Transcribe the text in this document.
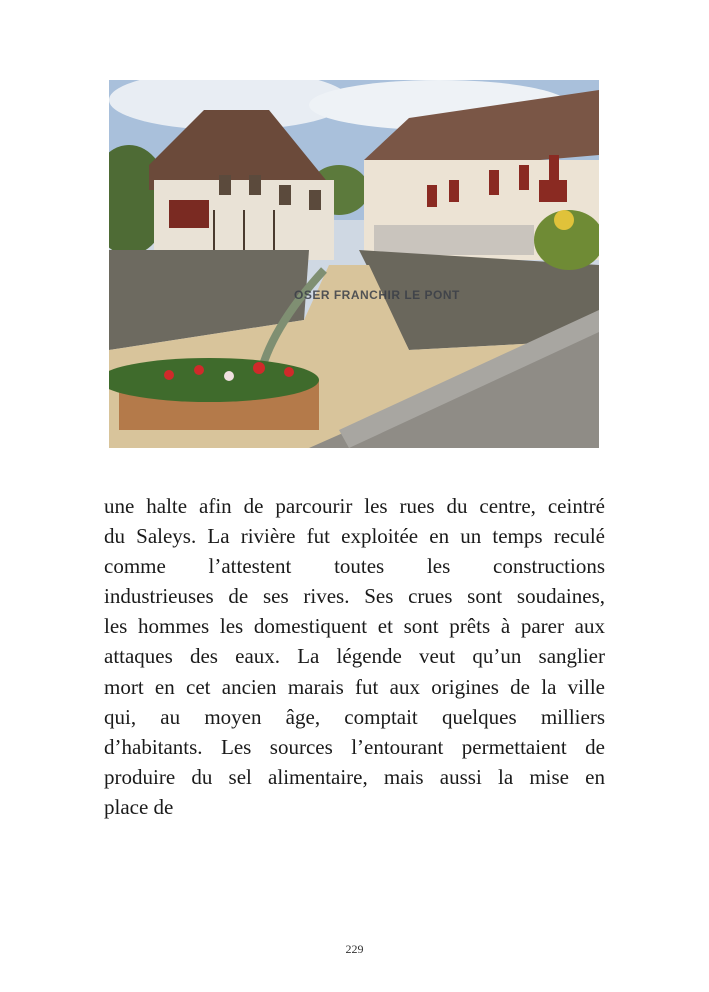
OSER FRANCHIR LE PONT
une halte afin de parcourir les rues du centre, ceintré
du Saleys. La rivière fut exploitée en un temps reculé
comme l’attestent toutes les constructions
industrieuses de ses rives. Ses crues sont soudaines,
les hommes les domestiquent et sont prêts à parer aux
attaques des eaux. La légende veut qu’un sanglier
mort en cet ancien marais fut aux origines de la ville
qui, au moyen âge, comptait quelques milliers
d’habitants. Les sources l’entourant permettaient de
produire du sel alimentaire, mais aussi la mise en
place de
229
